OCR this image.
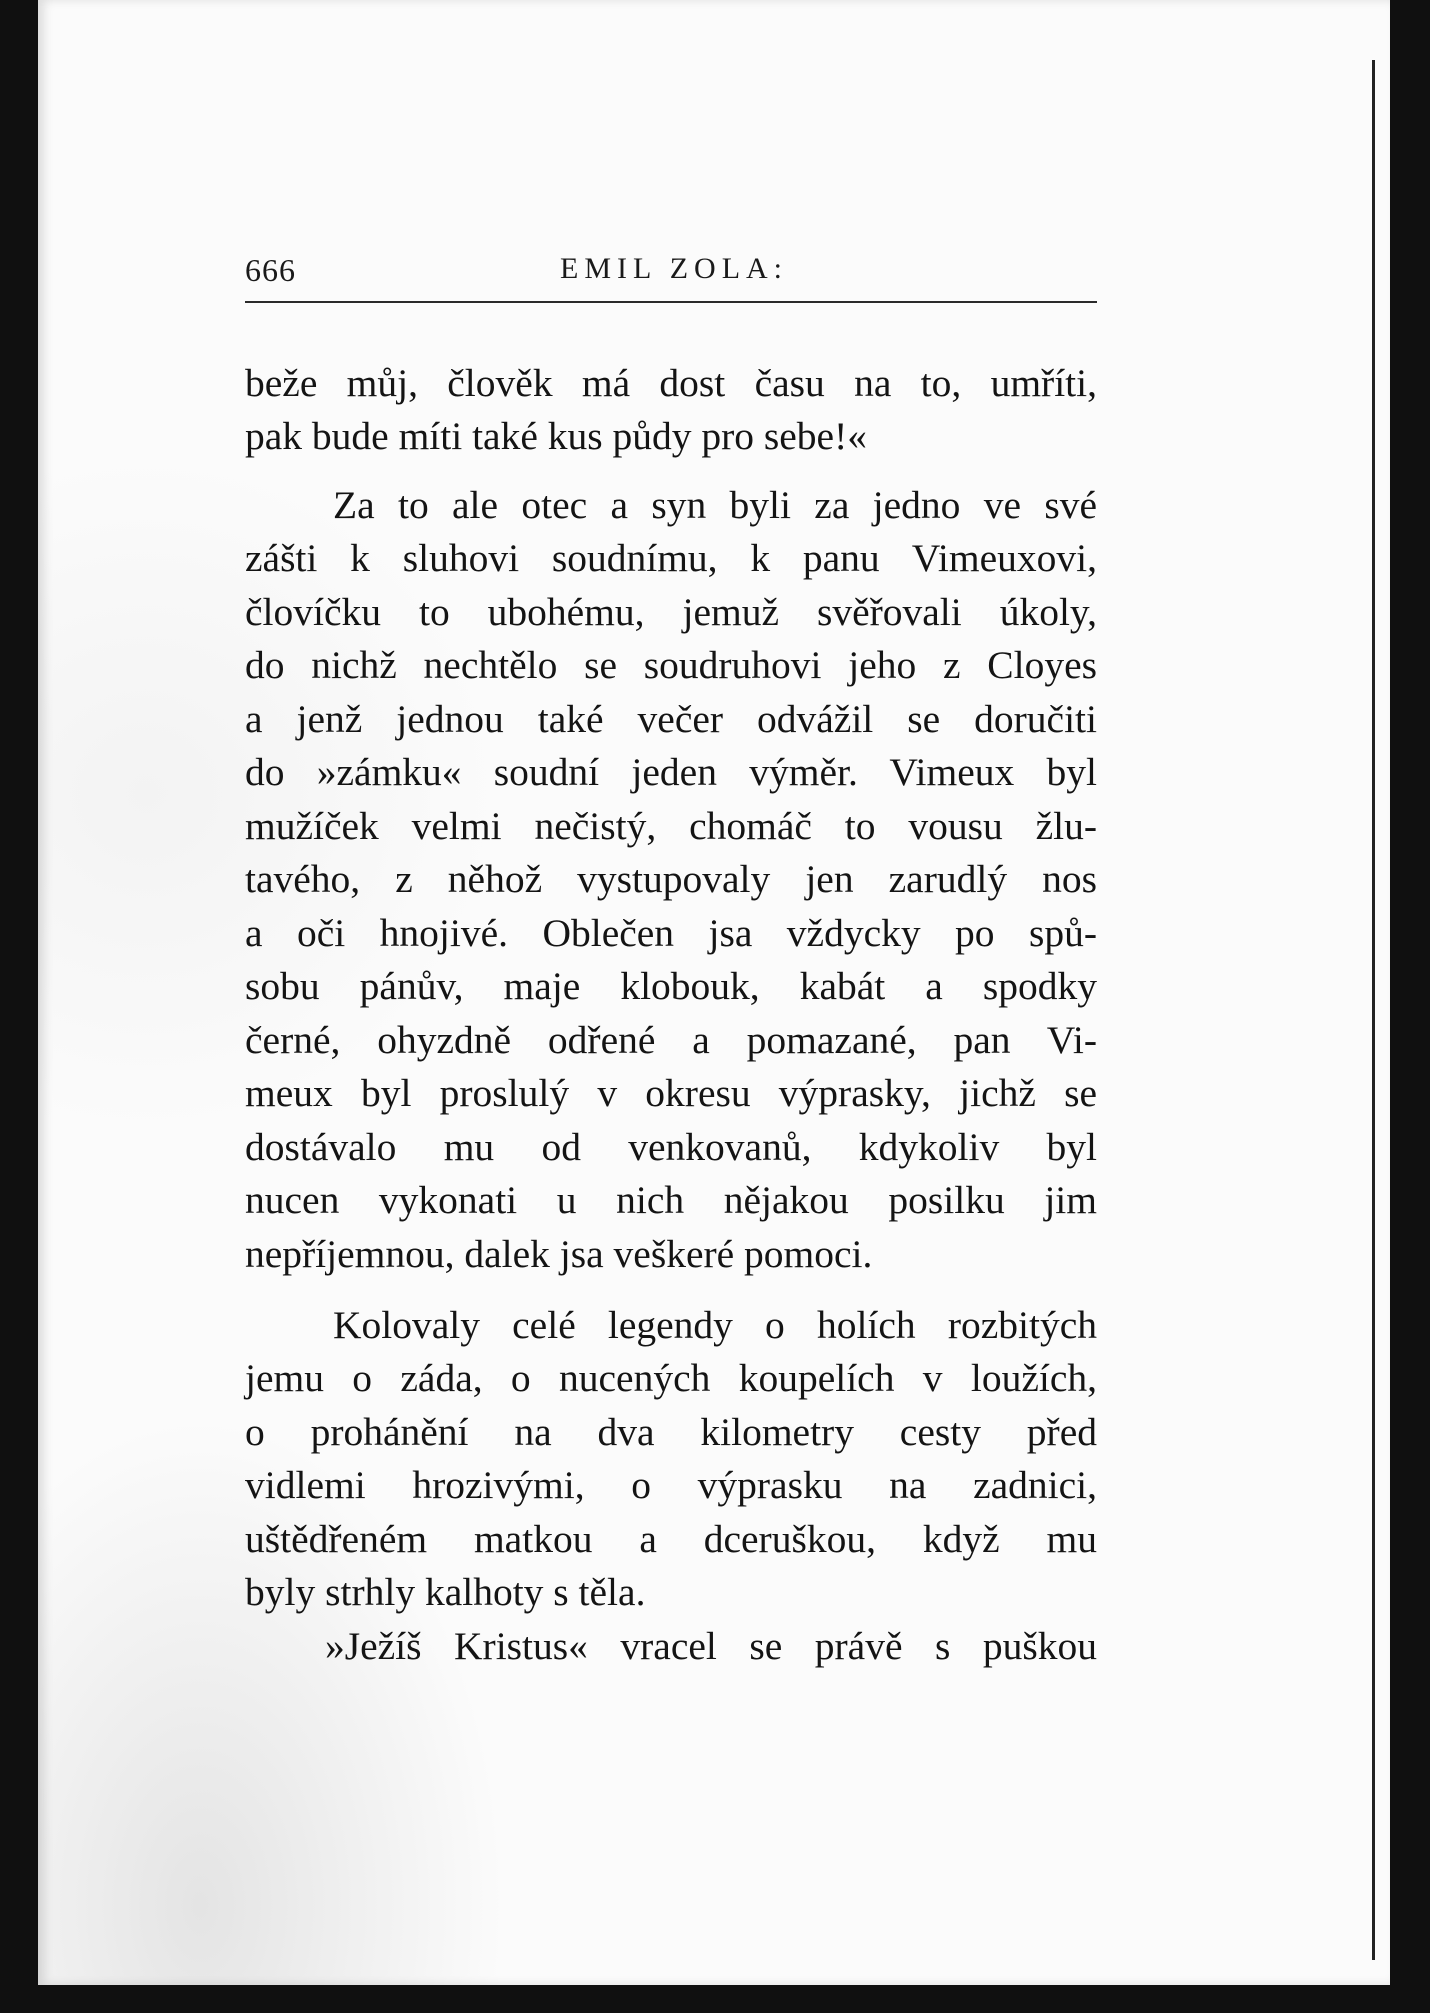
666	EMIL ZOLA:
beže můj, člověk má dost času na to, umříti,
pak bude míti také kus půdy pro sebe!«
Za to ale otec a syn byli za jedno ve své
zášti k sluhovi soudnímu, k panu Vimeuxovi,
človíčku to ubohému, jemuž svěřovali úkoly,
do nichž nechtělo se soudruhovi jeho z Cloyes
a jenž jednou také večer odvážil se doručiti
do »zámku« soudní jeden výměr. Vimeux byl
mužíček velmi nečistý, chomáč to vousu žlu-
tavého, z něhož vystupovaly jen zarudlý nos
a oči hnojivé. Oblečen jsa vždycky po spů-
sobu pánův, maje klobouk, kabát a spodky
černé, ohyzdně odřené a pomazané, pan Vi-
meux byl proslulý v okresu výprasky, jichž se
dostávalo mu od venkovanů, kdykoliv byl
nucen vykonati u nich nějakou posilku jim
nepříjemnou, dalek jsa veškeré pomoci.
Kolovaly celé legendy o holích rozbitých
jemu o záda, o nucených koupelích v loužích,
o prohánění na dva kilometry cesty před
vidlemi hrozivými, o výprasku na zadnici,
uštědřeném matkou a dceruškou, když mu
byly strhly kalhoty s těla.
»Ježíš Kristus« vracel se právě s puškou
